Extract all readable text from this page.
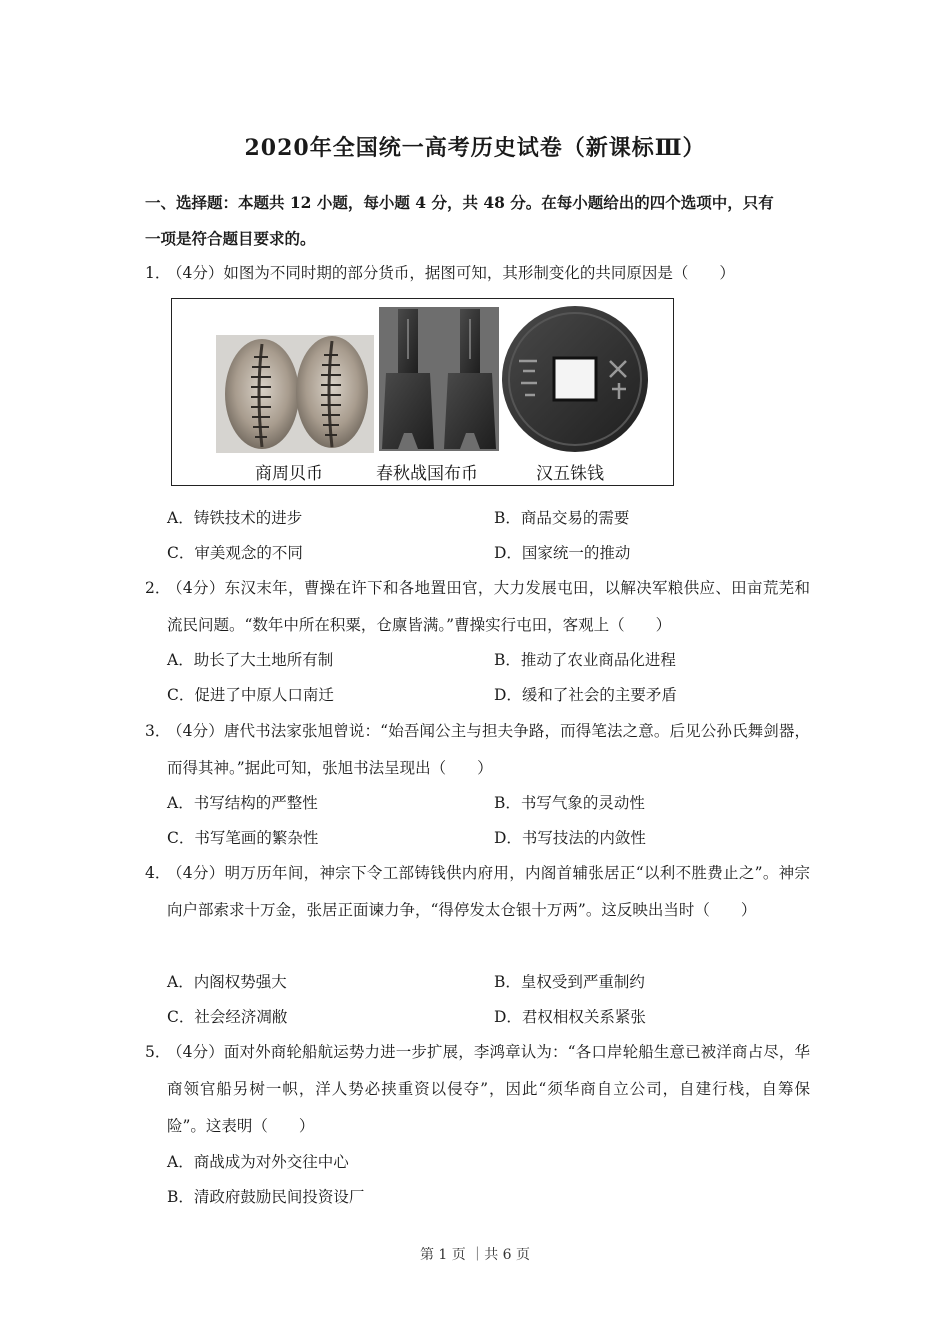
2020年全国统一高考历史试卷（新课标Ⅲ）
一、选择题：本题共 12 小题，每小题 4 分，共 48 分。在每小题给出的四个选项中，只有
一项是符合题目要求的。
1．
（4分）如图为不同时期的部分货币，据图可知，其形制变化的共同原因是（　　）
商周贝币	春秋战国布币	汉五铢钱
A．铸铁技术的进步	B．商品交易的需要
C．审美观念的不同	D．国家统一的推动
2．
（4分）东汉末年，曹操在许下和各地置田官，大力发展屯田，以解决军粮供应、田亩荒芜和流民问题。“数年中所在积粟，仓廪皆满。”曹操实行屯田，客观上（　　）
A．助长了大土地所有制	B．推动了农业商品化进程
C．促进了中原人口南迁	D．缓和了社会的主要矛盾
3．
（4分）唐代书法家张旭曾说：“始吾闻公主与担夫争路，而得笔法之意。后见公孙氏舞剑器，而得其神。”据此可知，张旭书法呈现出（　　）
A．书写结构的严整性	B．书写气象的灵动性
C．书写笔画的繁杂性	D．书写技法的内敛性
4．
（4分）明万历年间，神宗下令工部铸钱供内府用，内阁首辅张居正“以利不胜费止之”。神宗向户部索求十万金，张居正面谏力争，“得停发太仓银十万两”。这反映出当时（　　）
A．内阁权势强大	B．皇权受到严重制约
C．社会经济凋敝	D．君权相权关系紧张
5．
（4分）面对外商轮船航运势力进一步扩展，李鸿章认为：“各口岸轮船生意已被洋商占尽，华商领官船另树一帜，洋人势必挟重资以侵夺”，因此“须华商自立公司，自建行栈，自筹保险”。这表明（　　）
A．商战成为对外交往中心
B．清政府鼓励民间投资设厂
第 1 页 ｜共 6 页
